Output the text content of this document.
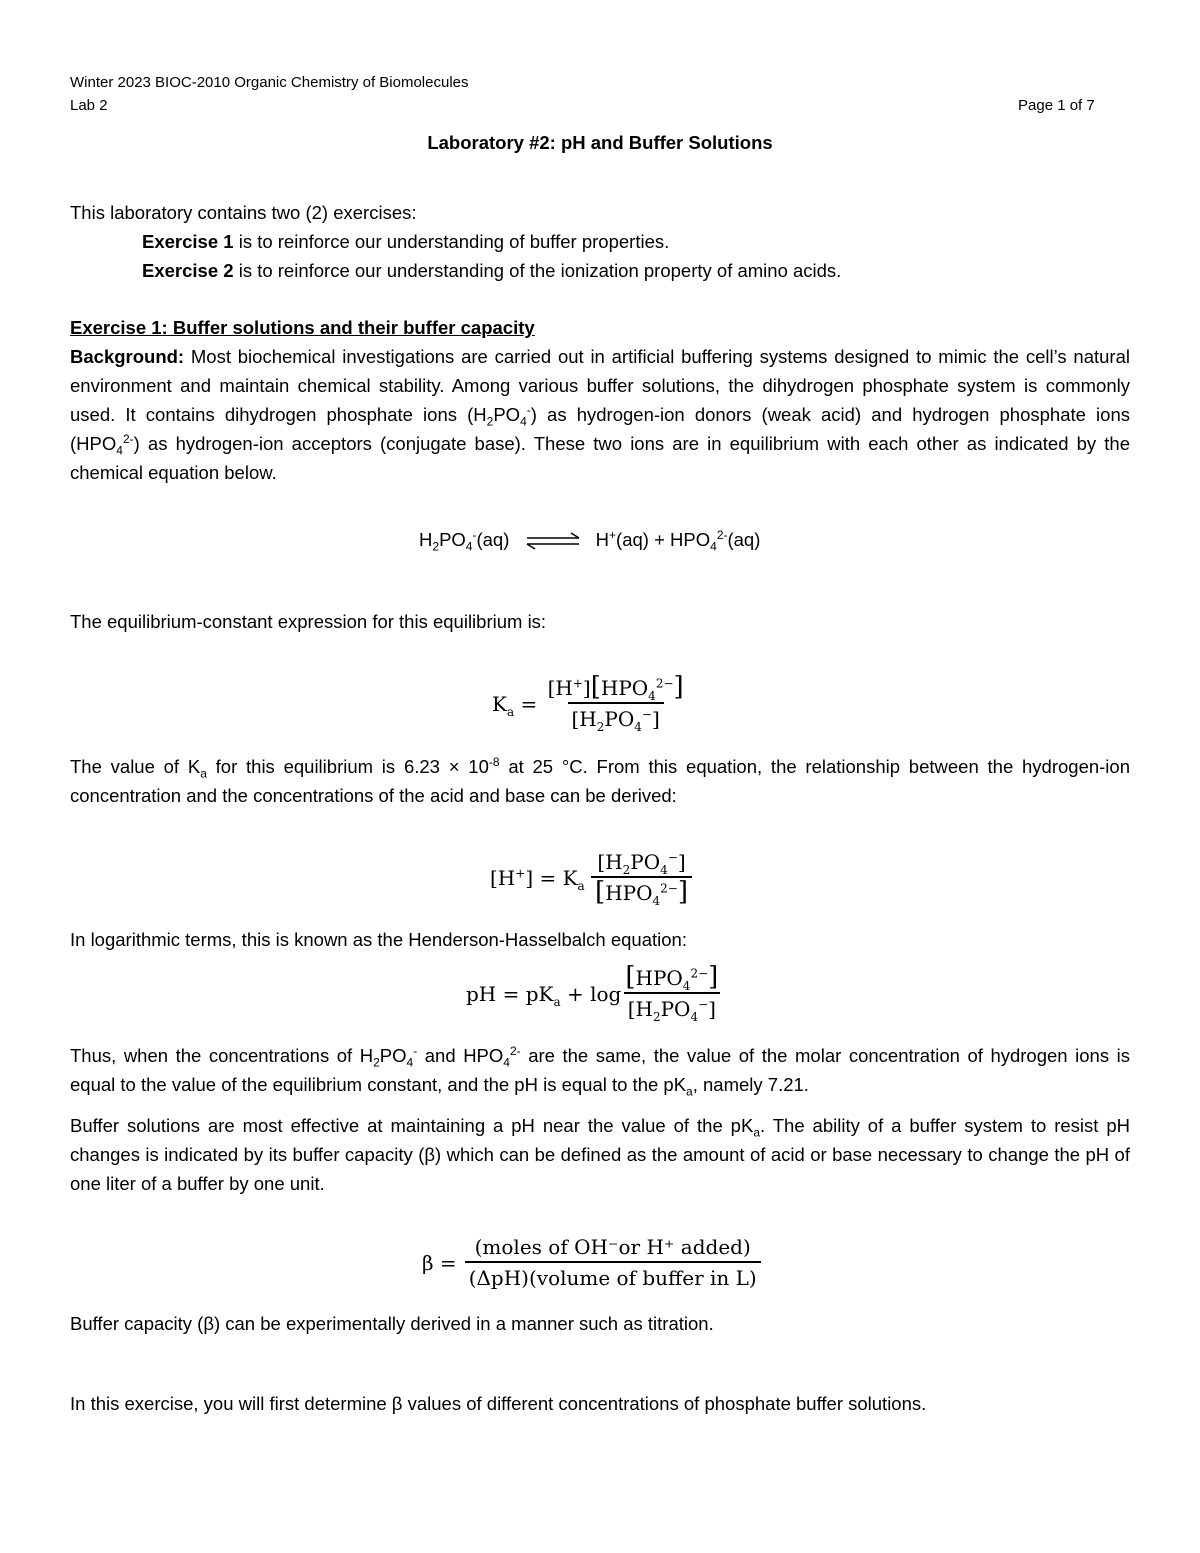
Winter 2023 BIOC-2010 Organic Chemistry of Biomolecules
Lab 2	Page 1 of 7
Laboratory #2: pH and Buffer Solutions
This laboratory contains two (2) exercises:
Exercise 1 is to reinforce our understanding of buffer properties.
Exercise 2 is to reinforce our understanding of the ionization property of amino acids.
Exercise 1: Buffer solutions and their buffer capacity
Background: Most biochemical investigations are carried out in artificial buffering systems designed to mimic the cell’s natural environment and maintain chemical stability. Among various buffer solutions, the dihydrogen phosphate system is commonly used. It contains dihydrogen phosphate ions $(H_2PO_4^-)$ as hydrogen-ion donors (weak acid) and hydrogen phosphate ions $(HPO_4^{2-})$ as hydrogen-ion acceptors (conjugate base). These two ions are in equilibrium with each other as indicated by the chemical equation below.
$H_2PO_4^-(aq)$ ⇌ $H^+(aq) + HPO_4^{2-}(aq)$
The equilibrium-constant expression for this equilibrium is:
$K_a = \frac{[H^+][HPO_4^{2-}]}{[H_2PO_4^-]}$
The value of $K_a$ for this equilibrium is $6.23 \times 10^{-8}$ at 25 °C. From this equation, the relationship between the hydrogen-ion concentration and the concentrations of the acid and base can be derived:
$[H^+] = K_a \frac{[H_2PO_4^-]}{[HPO_4^{2-}]}$
In logarithmic terms, this is known as the Henderson-Hasselbalch equation:
pH = $pK_a + \log \frac{[HPO_4^{2-}]}{[H_2PO_4^-]}$
Thus, when the concentrations of $H_2PO_4^-$ and $HPO_4^{2-}$ are the same, the value of the molar concentration of hydrogen ions is equal to the value of the equilibrium constant, and the pH is equal to the $pK_a$, namely 7.21.
Buffer solutions are most effective at maintaining a pH near the value of the $pK_a$. The ability of a buffer system to resist pH changes is indicated by its buffer capacity (β) which can be defined as the amount of acid or base necessary to change the pH of one liter of a buffer by one unit.
$\beta = \frac{\text{(moles of OH⁻or H⁺ added)}}{\text{(ΔpH)(volume of buffer in L)}}$
Buffer capacity (β) can be experimentally derived in a manner such as titration.
In this exercise, you will first determine β values of different concentrations of phosphate buffer solutions.
